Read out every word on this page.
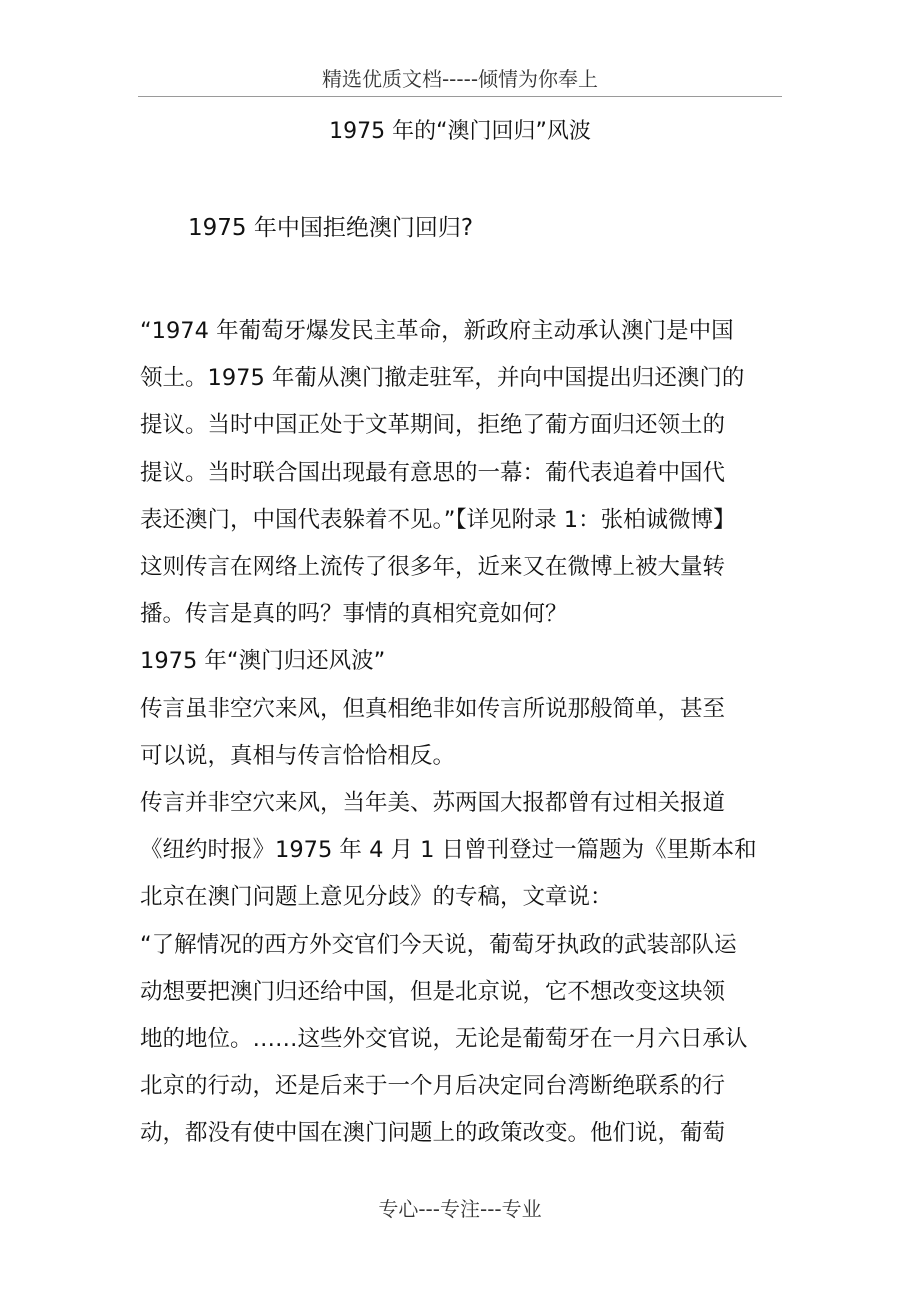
精选优质文档-----倾情为你奉上
1975 年的“澳门回归”风波
1975 年中国拒绝澳门回归?

“1974 年葡萄牙爆发民主革命，新政府主动承认澳门是中国

领土。1975 年葡从澳门撤走驻军，并向中国提出归还澳门的

提议。当时中国正处于文革期间，拒绝了葡方面归还领土的

提议。当时联合国出现最有意思的一幕：葡代表追着中国代

表还澳门，中国代表躲着不见。”【详见附录 1：张柏诚微博】

这则传言在网络上流传了很多年，近来又在微博上被大量转

播。传言是真的吗？事情的真相究竟如何？

1975 年“澳门归还风波”

传言虽非空穴来风，但真相绝非如传言所说那般简单，甚至

可以说，真相与传言恰恰相反。

传言并非空穴来风，当年美、苏两国大报都曾有过相关报道

《纽约时报》1975 年 4 月 1 日曾刊登过一篇题为《里斯本和

北京在澳门问题上意见分歧》的专稿，文章说：

“了解情况的西方外交官们今天说，葡萄牙执政的武装部队运

动想要把澳门归还给中国，但是北京说，它不想改变这块领

地的地位。……这些外交官说，无论是葡萄牙在一月六日承认

北京的行动，还是后来于一个月后决定同台湾断绝联系的行

动，都没有使中国在澳门问题上的政策改变。他们说，葡萄

专心---专注---专业
